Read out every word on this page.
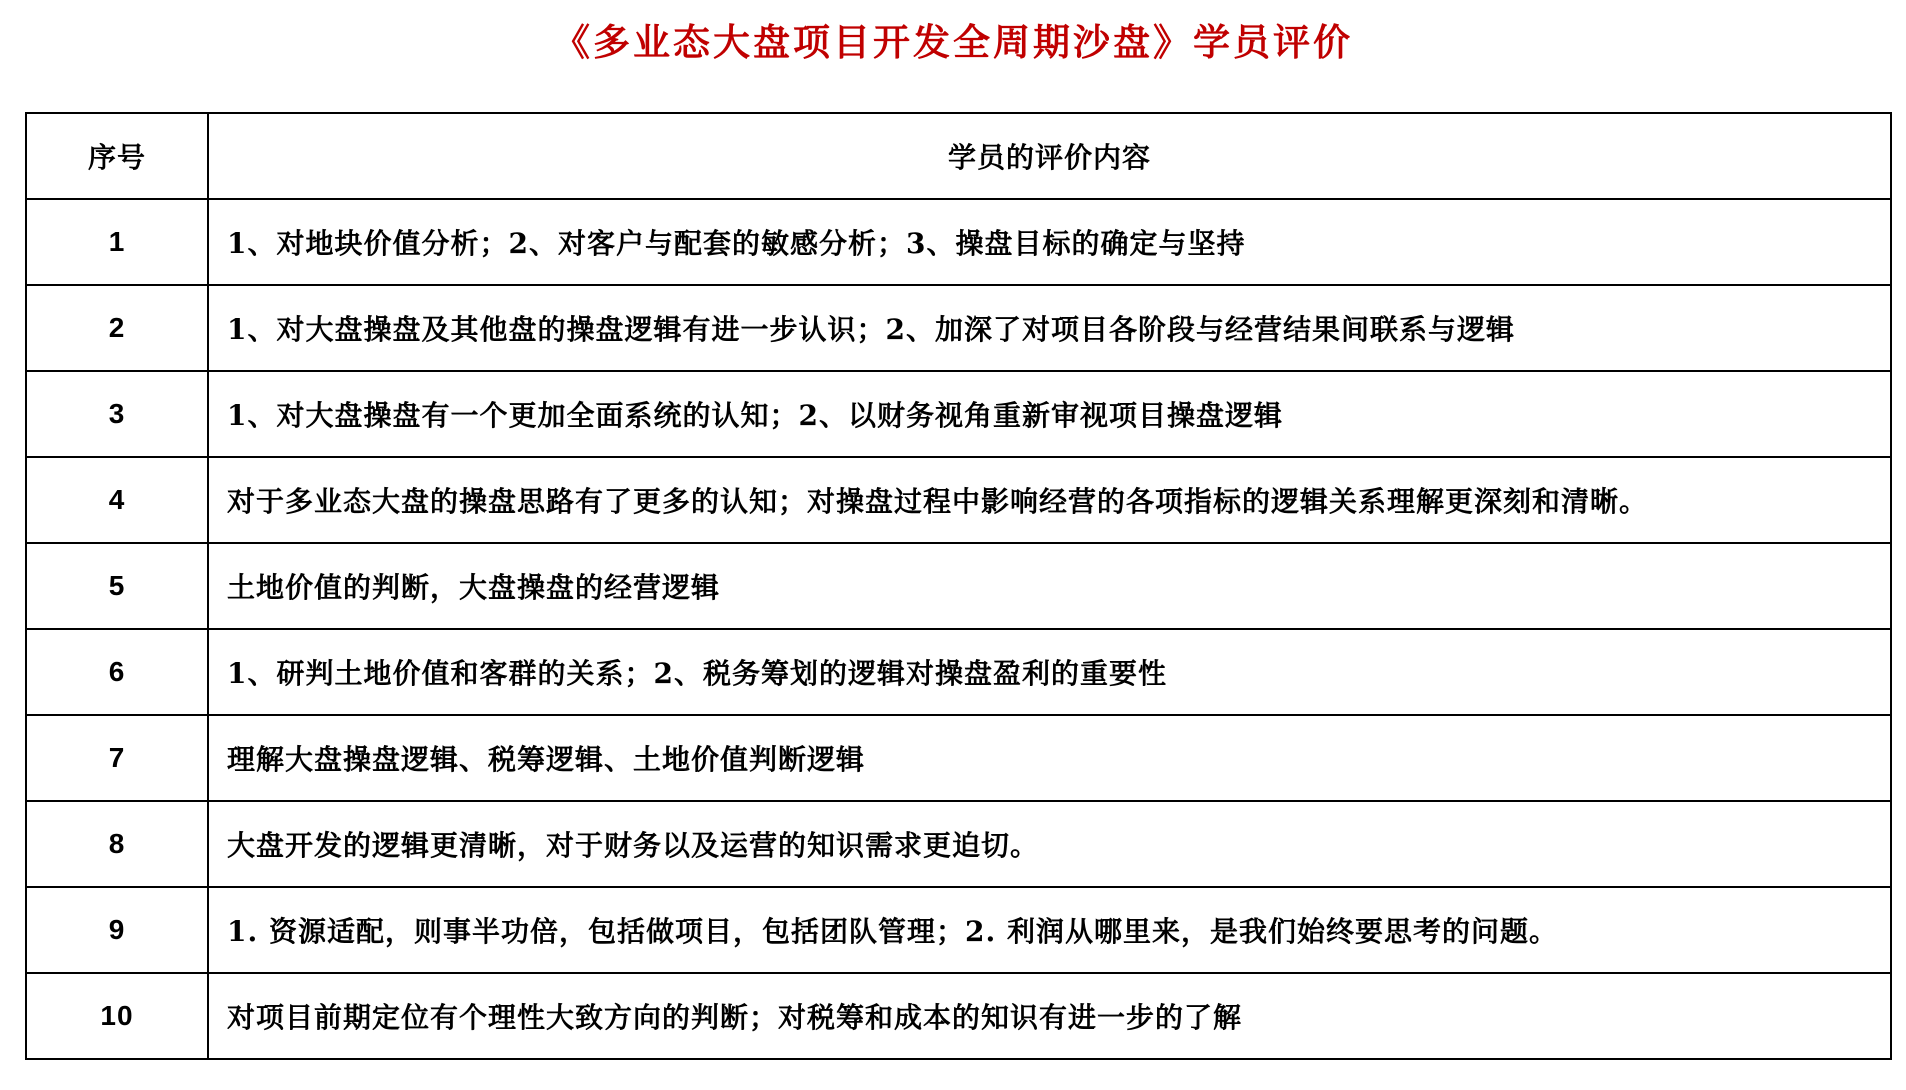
《多业态大盘项目开发全周期沙盘》学员评价
序号	学员的评价内容
1	1、对地块价值分析；2、对客户与配套的敏感分析；3、操盘目标的确定与坚持
2	1、对大盘操盘及其他盘的操盘逻辑有进一步认识；2、加深了对项目各阶段与经营结果间联系与逻辑
3	1、对大盘操盘有一个更加全面系统的认知；2、以财务视角重新审视项目操盘逻辑
4	对于多业态大盘的操盘思路有了更多的认知；对操盘过程中影响经营的各项指标的逻辑关系理解更深刻和清晰。
5	土地价值的判断，大盘操盘的经营逻辑
6	1、研判土地价值和客群的关系；2、税务筹划的逻辑对操盘盈利的重要性
7	理解大盘操盘逻辑、税筹逻辑、土地价值判断逻辑
8	大盘开发的逻辑更清晰，对于财务以及运营的知识需求更迫切。
9	1. 资源适配，则事半功倍，包括做项目，包括团队管理；2. 利润从哪里来，是我们始终要思考的问题。
10	对项目前期定位有个理性大致方向的判断；对税筹和成本的知识有进一步的了解
